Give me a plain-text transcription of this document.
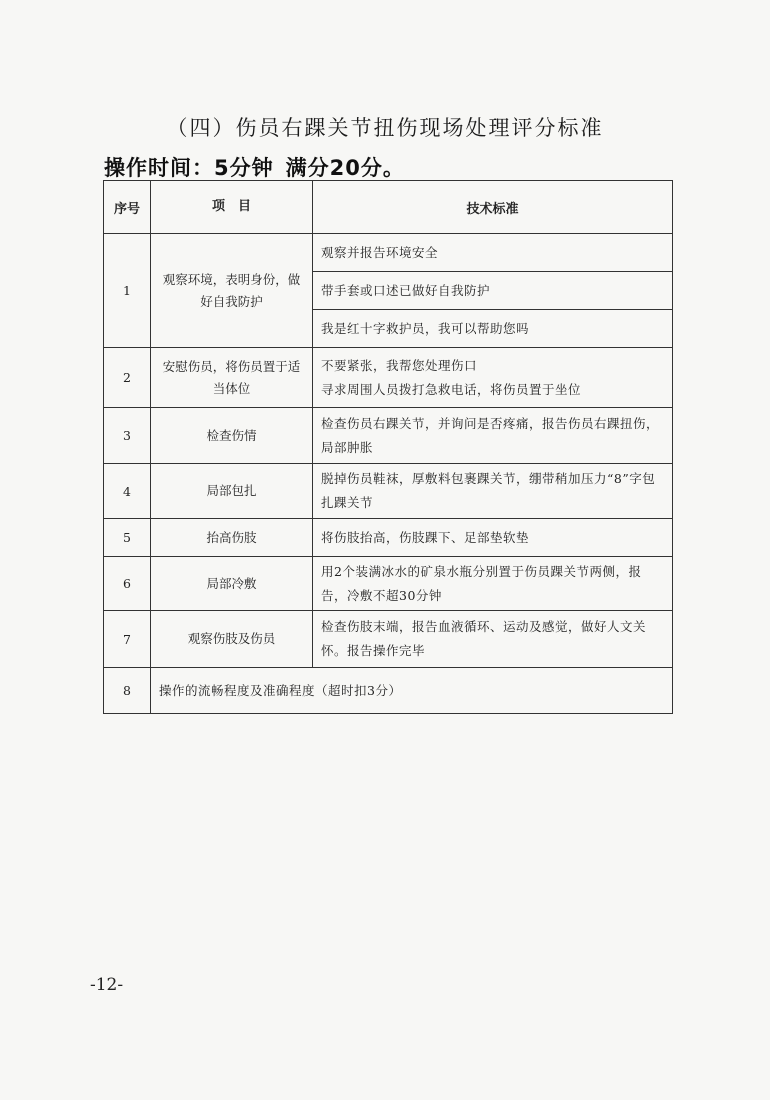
（四）伤员右踝关节扭伤现场处理评分标准
操作时间：5分钟 满分20分。
序号	项　目	技术标准
1	观察环境，表明身份，做好自我防护	观察并报告环境安全
		带手套或口述已做好自我防护
		我是红十字救护员，我可以帮助您吗
2	安慰伤员，将伤员置于适当体位	不要紧张，我帮您处理伤口
寻求周围人员拨打急救电话，将伤员置于坐位
3	检查伤情	检查伤员右踝关节，并询问是否疼痛，报告伤员右踝扭伤，局部肿胀
4	局部包扎	脱掉伤员鞋袜，厚敷料包裹踝关节，绷带稍加压力“8”字包扎踝关节
5	抬高伤肢	将伤肢抬高，伤肢踝下、足部垫软垫
6	局部冷敷	用2个装满冰水的矿泉水瓶分别置于伤员踝关节两侧，报告，冷敷不超30分钟
7	观察伤肢及伤员	检查伤肢末端，报告血液循环、运动及感觉，做好人文关怀。报告操作完毕
8	操作的流畅程度及准确程度（超时扣3分）	
-12-
